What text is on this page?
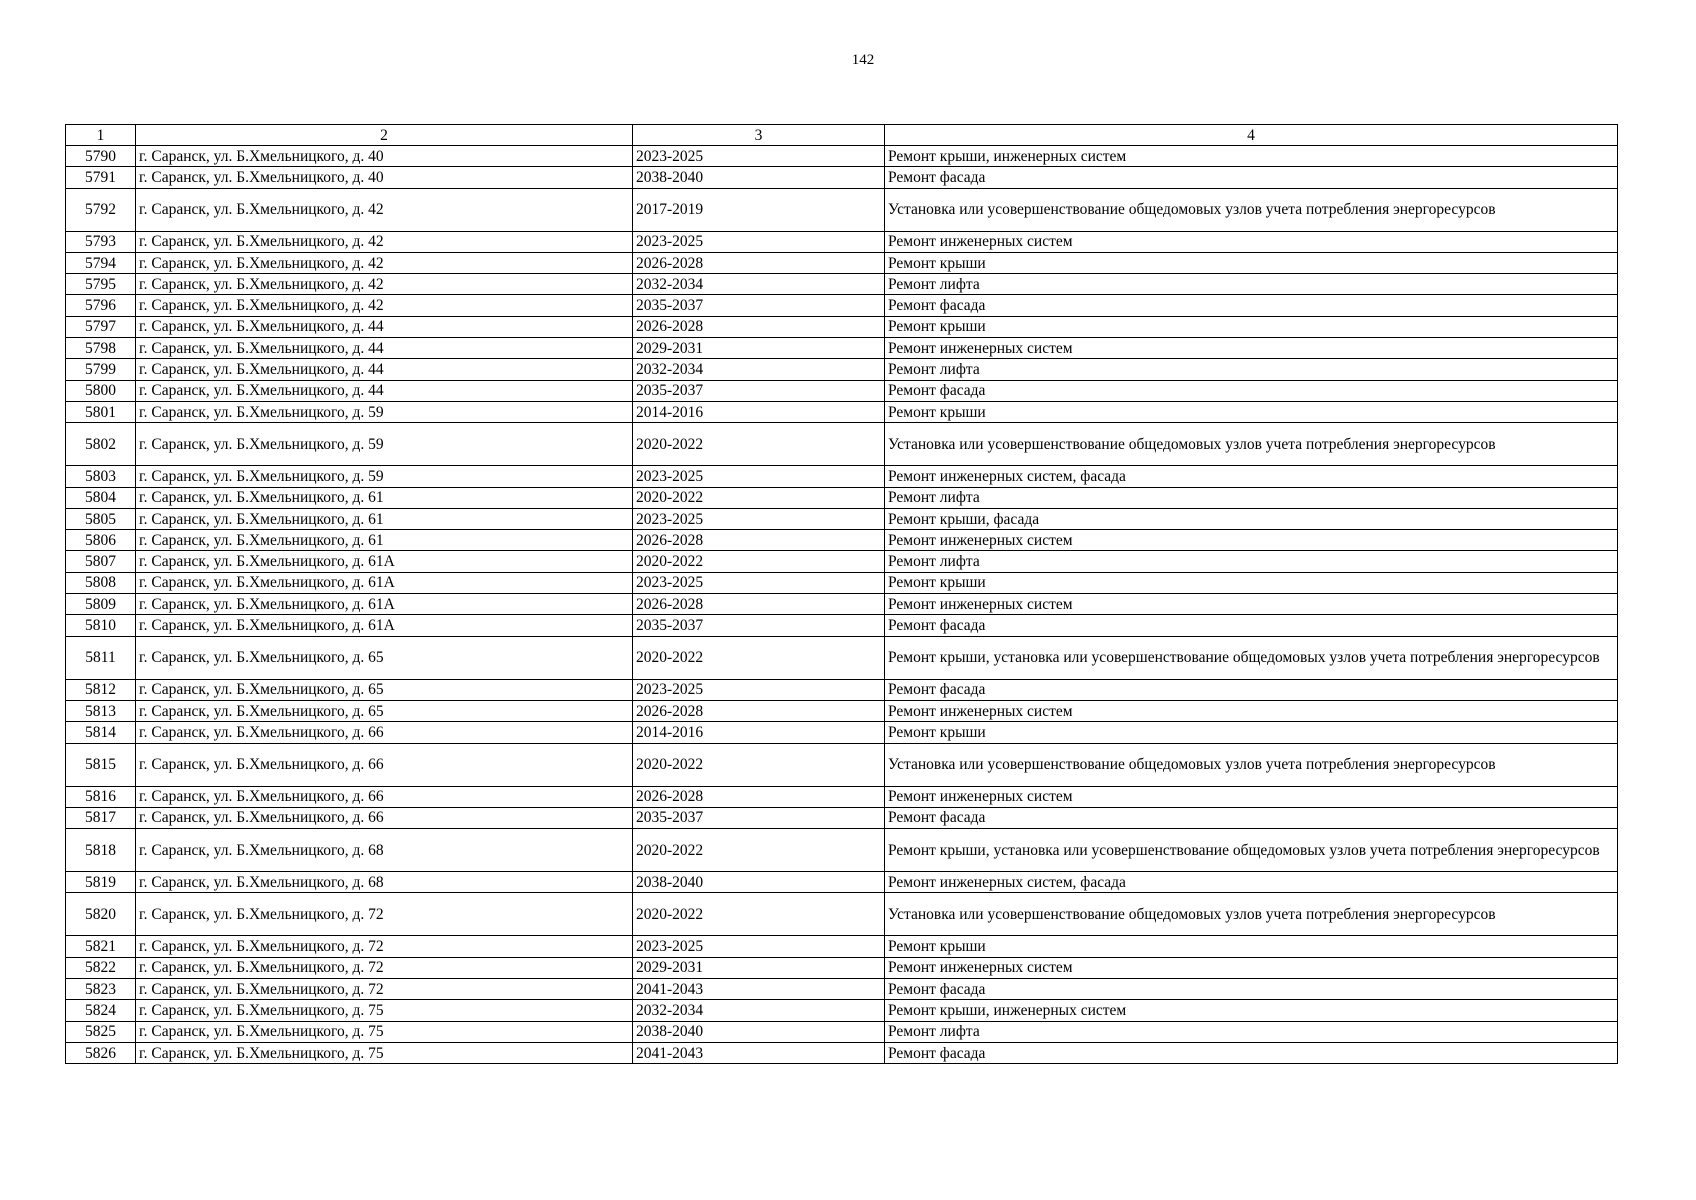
142
1	2	3	4
5790	г. Саранск, ул. Б.Хмельницкого, д. 40	2023-2025	Ремонт крыши, инженерных систем
5791	г. Саранск, ул. Б.Хмельницкого, д. 40	2038-2040	Ремонт фасада
5792	г. Саранск, ул. Б.Хмельницкого, д. 42	2017-2019	Установка или усовершенствование общедомовых узлов учета потребления энергоресурсов
5793	г. Саранск, ул. Б.Хмельницкого, д. 42	2023-2025	Ремонт инженерных систем
5794	г. Саранск, ул. Б.Хмельницкого, д. 42	2026-2028	Ремонт крыши
5795	г. Саранск, ул. Б.Хмельницкого, д. 42	2032-2034	Ремонт лифта
5796	г. Саранск, ул. Б.Хмельницкого, д. 42	2035-2037	Ремонт фасада
5797	г. Саранск, ул. Б.Хмельницкого, д. 44	2026-2028	Ремонт крыши
5798	г. Саранск, ул. Б.Хмельницкого, д. 44	2029-2031	Ремонт инженерных систем
5799	г. Саранск, ул. Б.Хмельницкого, д. 44	2032-2034	Ремонт лифта
5800	г. Саранск, ул. Б.Хмельницкого, д. 44	2035-2037	Ремонт фасада
5801	г. Саранск, ул. Б.Хмельницкого, д. 59	2014-2016	Ремонт крыши
5802	г. Саранск, ул. Б.Хмельницкого, д. 59	2020-2022	Установка или усовершенствование общедомовых узлов учета потребления энергоресурсов
5803	г. Саранск, ул. Б.Хмельницкого, д. 59	2023-2025	Ремонт инженерных систем, фасада
5804	г. Саранск, ул. Б.Хмельницкого, д. 61	2020-2022	Ремонт лифта
5805	г. Саранск, ул. Б.Хмельницкого, д. 61	2023-2025	Ремонт крыши, фасада
5806	г. Саранск, ул. Б.Хмельницкого, д. 61	2026-2028	Ремонт инженерных систем
5807	г. Саранск, ул. Б.Хмельницкого, д. 61А	2020-2022	Ремонт лифта
5808	г. Саранск, ул. Б.Хмельницкого, д. 61А	2023-2025	Ремонт крыши
5809	г. Саранск, ул. Б.Хмельницкого, д. 61А	2026-2028	Ремонт инженерных систем
5810	г. Саранск, ул. Б.Хмельницкого, д. 61А	2035-2037	Ремонт фасада
5811	г. Саранск, ул. Б.Хмельницкого, д. 65	2020-2022	Ремонт крыши, установка или усовершенствование общедомовых узлов учета потребления энергоресурсов
5812	г. Саранск, ул. Б.Хмельницкого, д. 65	2023-2025	Ремонт фасада
5813	г. Саранск, ул. Б.Хмельницкого, д. 65	2026-2028	Ремонт инженерных систем
5814	г. Саранск, ул. Б.Хмельницкого, д. 66	2014-2016	Ремонт крыши
5815	г. Саранск, ул. Б.Хмельницкого, д. 66	2020-2022	Установка или усовершенствование общедомовых узлов учета потребления энергоресурсов
5816	г. Саранск, ул. Б.Хмельницкого, д. 66	2026-2028	Ремонт инженерных систем
5817	г. Саранск, ул. Б.Хмельницкого, д. 66	2035-2037	Ремонт фасада
5818	г. Саранск, ул. Б.Хмельницкого, д. 68	2020-2022	Ремонт крыши, установка или усовершенствование общедомовых узлов учета потребления энергоресурсов
5819	г. Саранск, ул. Б.Хмельницкого, д. 68	2038-2040	Ремонт инженерных систем, фасада
5820	г. Саранск, ул. Б.Хмельницкого, д. 72	2020-2022	Установка или усовершенствование общедомовых узлов учета потребления энергоресурсов
5821	г. Саранск, ул. Б.Хмельницкого, д. 72	2023-2025	Ремонт крыши
5822	г. Саранск, ул. Б.Хмельницкого, д. 72	2029-2031	Ремонт инженерных систем
5823	г. Саранск, ул. Б.Хмельницкого, д. 72	2041-2043	Ремонт фасада
5824	г. Саранск, ул. Б.Хмельницкого, д. 75	2032-2034	Ремонт крыши, инженерных систем
5825	г. Саранск, ул. Б.Хмельницкого, д. 75	2038-2040	Ремонт лифта
5826	г. Саранск, ул. Б.Хмельницкого, д. 75	2041-2043	Ремонт фасада
